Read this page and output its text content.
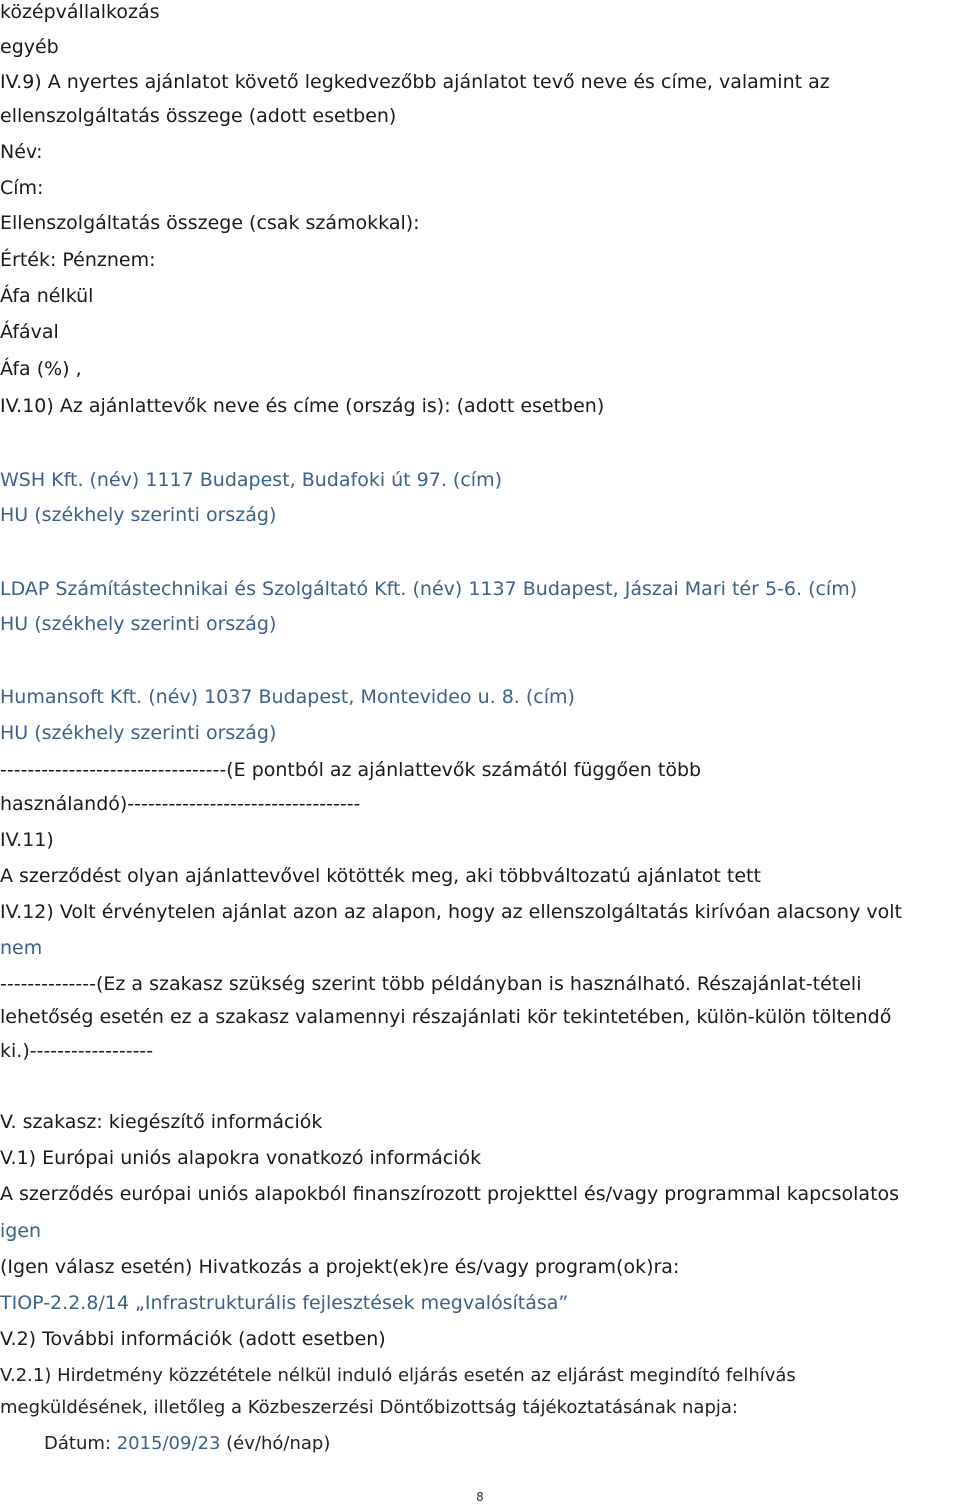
középvállalkozás
egyéb
IV.9) A nyertes ajánlatot követő legkedvezőbb ajánlatot tevő neve és címe, valamint az
ellenszolgáltatás összege (adott esetben)
Név:
Cím:
Ellenszolgáltatás összege (csak számokkal):
Érték: Pénznem:
Áfa nélkül
Áfával
Áfa (%) ,
IV.10) Az ajánlattevők neve és címe (ország is): (adott esetben)
WSH Kft. (név) 1117 Budapest, Budafoki út 97. (cím)
HU (székhely szerinti ország)
LDAP Számítástechnikai és Szolgáltató Kft. (név) 1137 Budapest, Jászai Mari tér 5-6. (cím)
HU (székhely szerinti ország)
Humansoft Kft. (név) 1037 Budapest, Montevideo u. 8. (cím)
HU (székhely szerinti ország)
---------------------------------(E pontból az ajánlattevők számától függően több
használandó)----------------------------------
IV.11)
A szerződést olyan ajánlattevővel kötötték meg, aki többváltozatú ajánlatot tett
IV.12) Volt érvénytelen ajánlat azon az alapon, hogy az ellenszolgáltatás kirívóan alacsony volt
nem
--------------(Ez a szakasz szükség szerint több példányban is használható. Részajánlat-tételi
lehetőség esetén ez a szakasz valamennyi részajánlati kör tekintetében, külön-külön töltendő
ki.)------------------
V. szakasz: kiegészítő információk
V.1) Európai uniós alapokra vonatkozó információk
A szerződés európai uniós alapokból finanszírozott projekttel és/vagy programmal kapcsolatos
igen
(Igen válasz esetén) Hivatkozás a projekt(ek)re és/vagy program(ok)ra:
TIOP-2.2.8/14 „Infrastrukturális fejlesztések megvalósítása”
V.2) További információk (adott esetben)
V.2.1) Hirdetmény közzététele nélkül induló eljárás esetén az eljárást megindító felhívás
megküldésének, illetőleg a Közbeszerzési Döntőbizottság tájékoztatásának napja:
Dátum: 2015/09/23 (év/hó/nap)
8
